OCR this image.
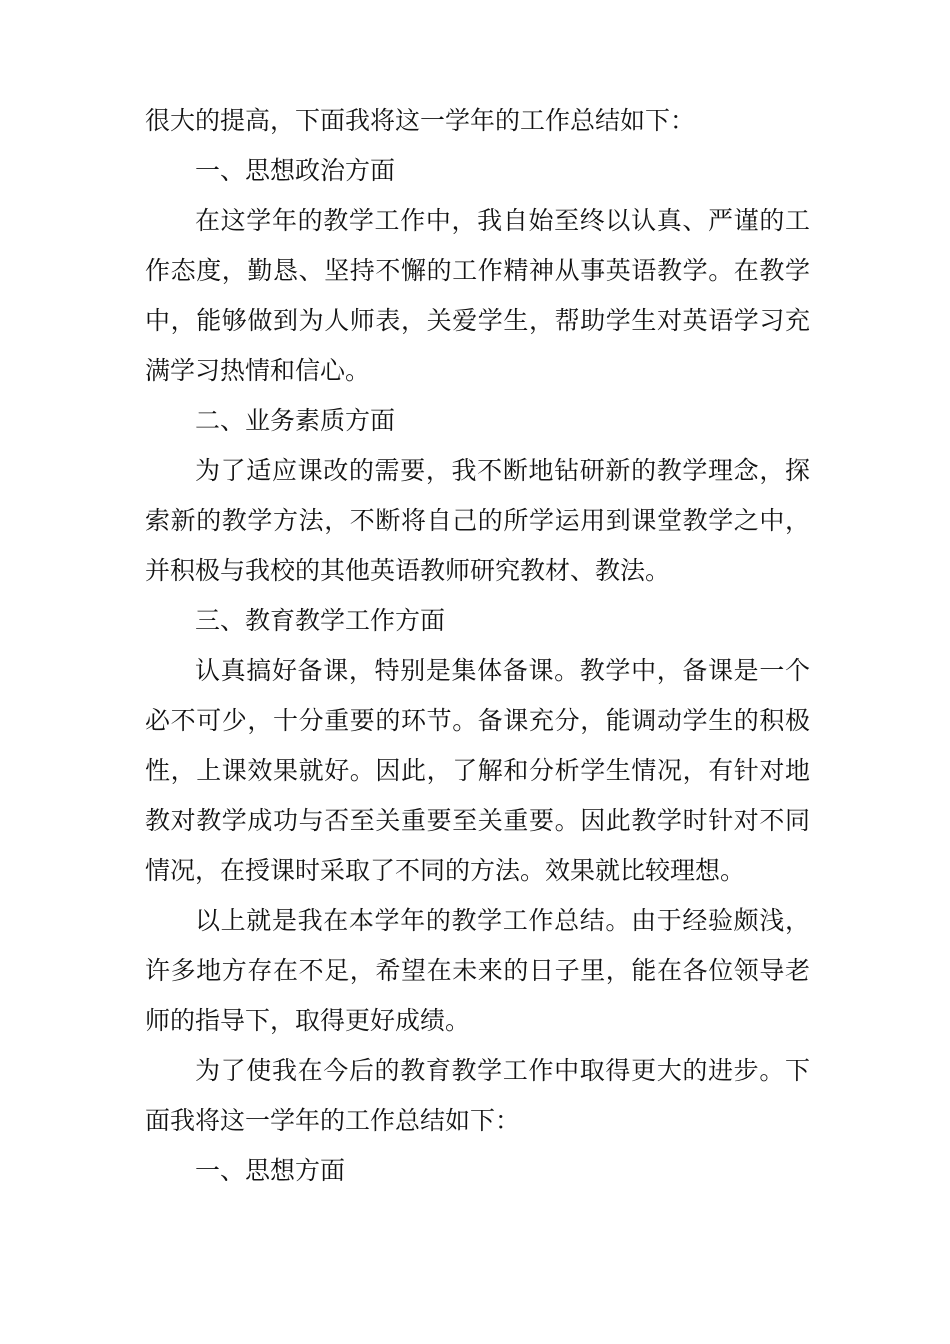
很大的提高，下面我将这一学年的工作总结如下：

一、思想政治方面

在这学年的教学工作中，我自始至终以认真、严谨的工作态度，勤恳、坚持不懈的工作精神从事英语教学。在教学中，能够做到为人师表，关爱学生，帮助学生对英语学习充满学习热情和信心。

二、业务素质方面

为了适应课改的需要，我不断地钻研新的教学理念，探索新的教学方法，不断将自己的所学运用到课堂教学之中，并积极与我校的其他英语教师研究教材、教法。

三、教育教学工作方面

认真搞好备课，特别是集体备课。教学中，备课是一个必不可少，十分重要的环节。备课充分，能调动学生的积极性，上课效果就好。因此，了解和分析学生情况，有针对地教对教学成功与否至关重要至关重要。因此教学时针对不同情况，在授课时采取了不同的方法。效果就比较理想。

以上就是我在本学年的教学工作总结。由于经验颇浅，许多地方存在不足，希望在未来的日子里，能在各位领导老师的指导下，取得更好成绩。

为了使我在今后的教育教学工作中取得更大的进步。下面我将这一学年的工作总结如下：

一、思想方面
